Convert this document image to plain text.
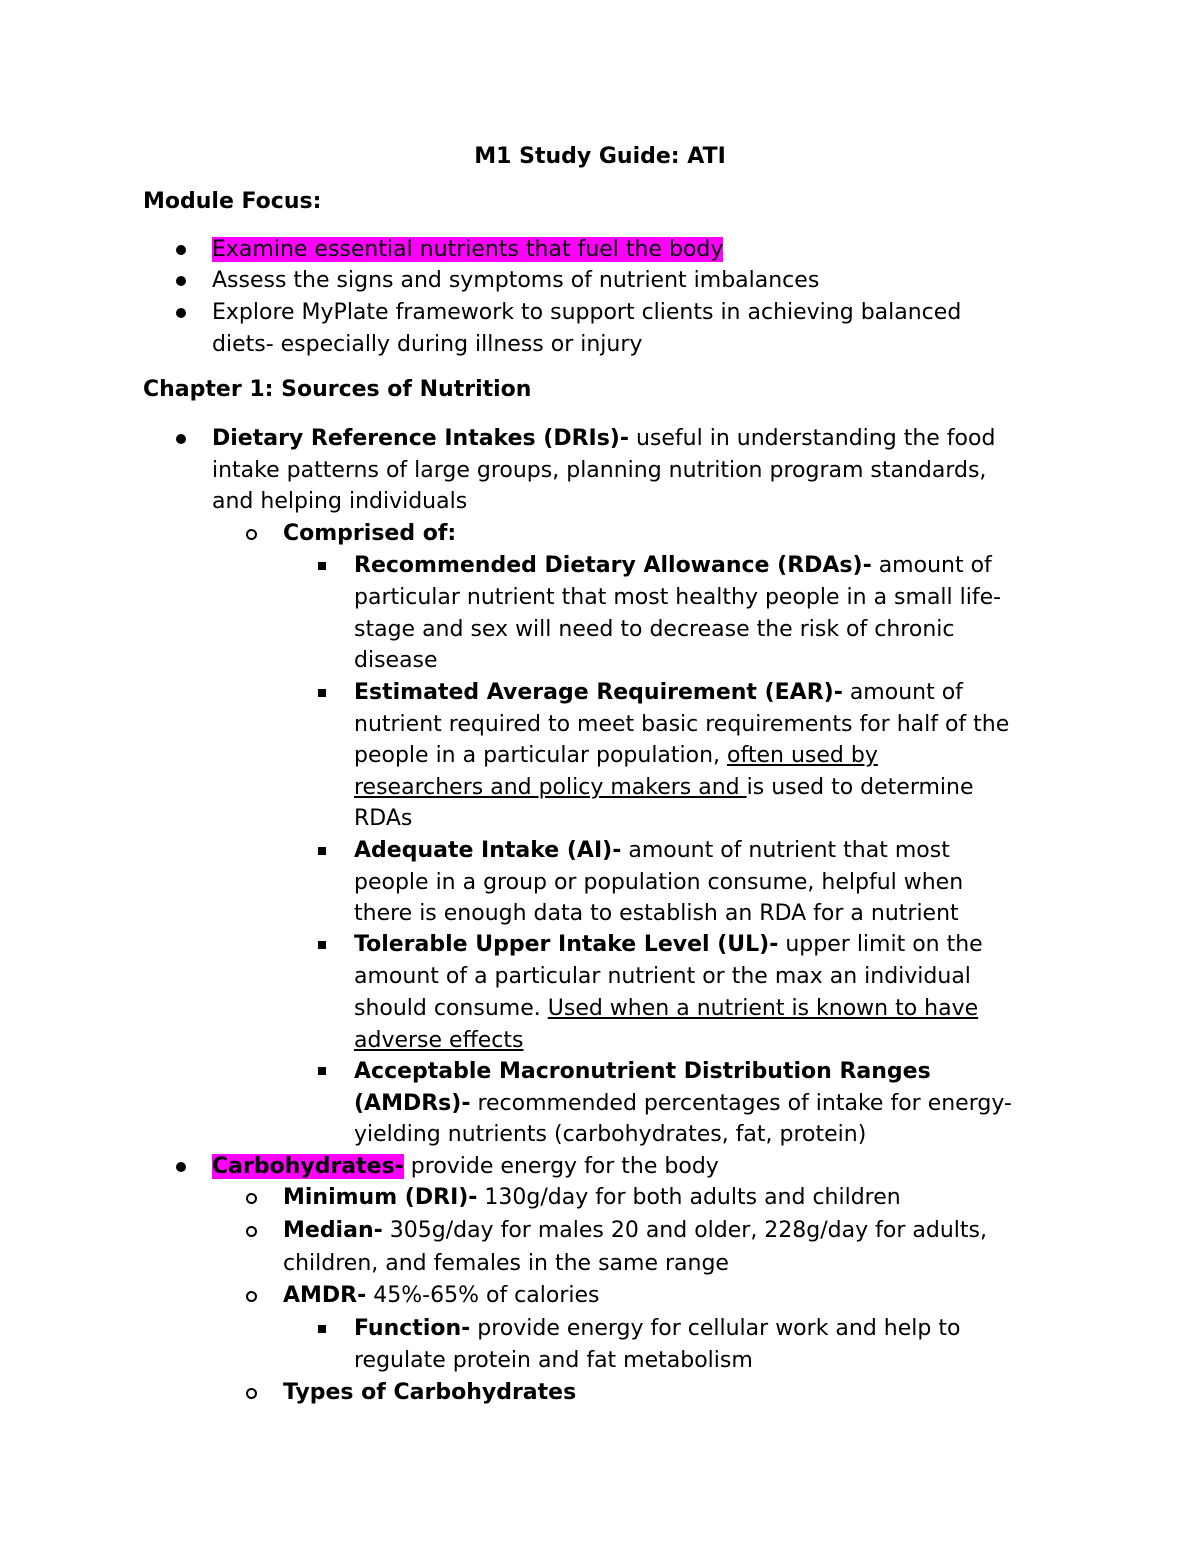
M1 Study Guide: ATI
Module Focus:
Examine essential nutrients that fuel the body
Assess the signs and symptoms of nutrient imbalances
Explore MyPlate framework to support clients in achieving balanced
diets- especially during illness or injury
Chapter 1: Sources of Nutrition
Dietary Reference Intakes (DRIs)- useful in understanding the food
intake patterns of large groups, planning nutrition program standards,
and helping individuals
Comprised of:
Recommended Dietary Allowance (RDAs)- amount of
particular nutrient that most healthy people in a small life-
stage and sex will need to decrease the risk of chronic
disease
Estimated Average Requirement (EAR)- amount of
nutrient required to meet basic requirements for half of the
people in a particular population, often used by
researchers and policy makers and is used to determine
RDAs
Adequate Intake (AI)- amount of nutrient that most
people in a group or population consume, helpful when
there is enough data to establish an RDA for a nutrient
Tolerable Upper Intake Level (UL)- upper limit on the
amount of a particular nutrient or the max an individual
should consume. Used when a nutrient is known to have
adverse effects
Acceptable Macronutrient Distribution Ranges
(AMDRs)- recommended percentages of intake for energy-
yielding nutrients (carbohydrates, fat, protein)
Carbohydrates- provide energy for the body
Minimum (DRI)- 130g/day for both adults and children
Median- 305g/day for males 20 and older, 228g/day for adults,
children, and females in the same range
AMDR- 45%-65% of calories
Function- provide energy for cellular work and help to
regulate protein and fat metabolism
Types of Carbohydrates
